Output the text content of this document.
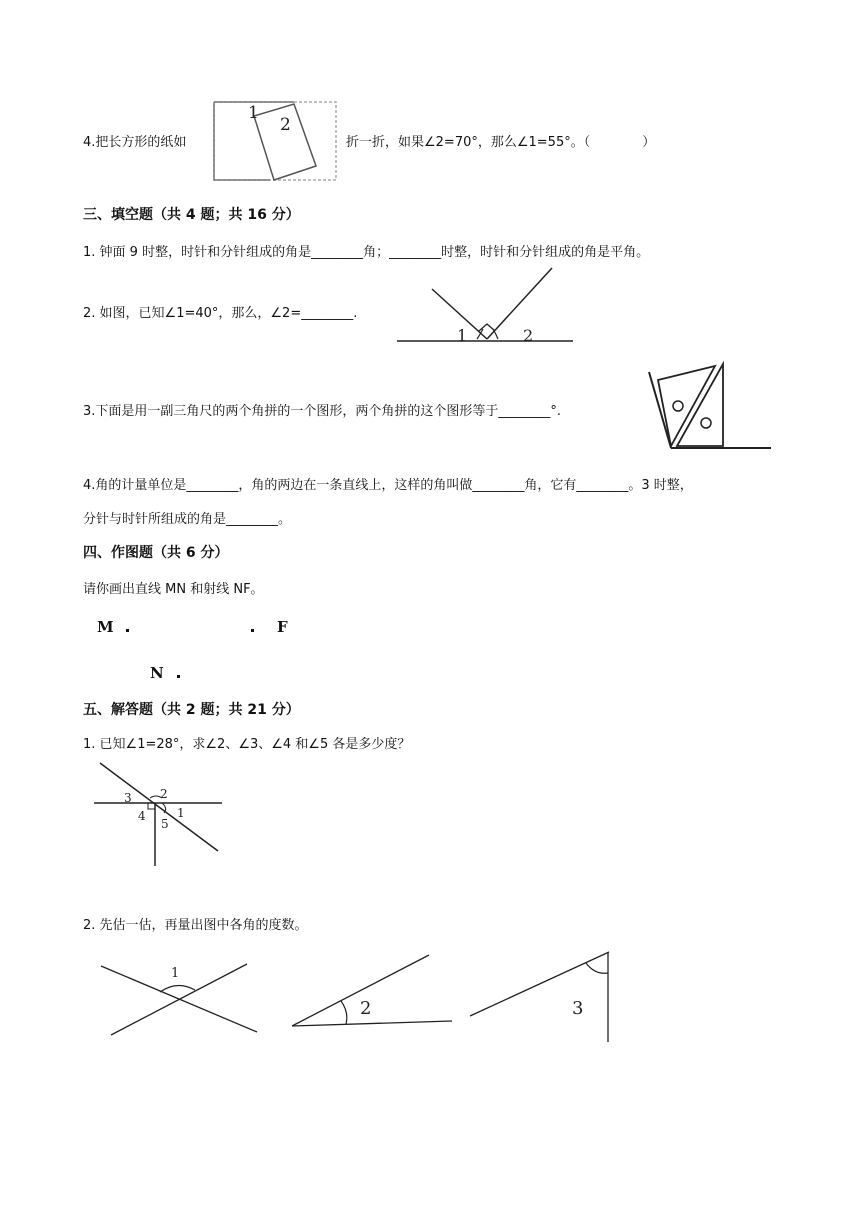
4.把长方形的纸如
1
2
折一折，如果∠2=70°，那么∠1=55°。（　　　　）
三、填空题（共 4 题；共 16 分）
1. 钟面 9 时整，时针和分针组成的角是________角；________时整，时针和分针组成的角是平角。
2. 如图，已知∠1=40°，那么，∠2=________.
1	2
3.下面是用一副三角尺的两个角拼的一个图形，两个角拼的这个图形等于________°.
4.角的计量单位是________，角的两边在一条直线上，这样的角叫做________角，它有________。3 时整，
分针与时针所组成的角是________。
四、作图题（共 6 分）
请你画出直线 MN 和射线 NF。
M	F
N
五、解答题（共 2 题；共 21 分）
1. 已知∠1=28°，求∠2、∠3、∠4 和∠5 各是多少度？
1
2
3
4
5
2. 先估一估，再量出图中各角的度数。
1
2	3
